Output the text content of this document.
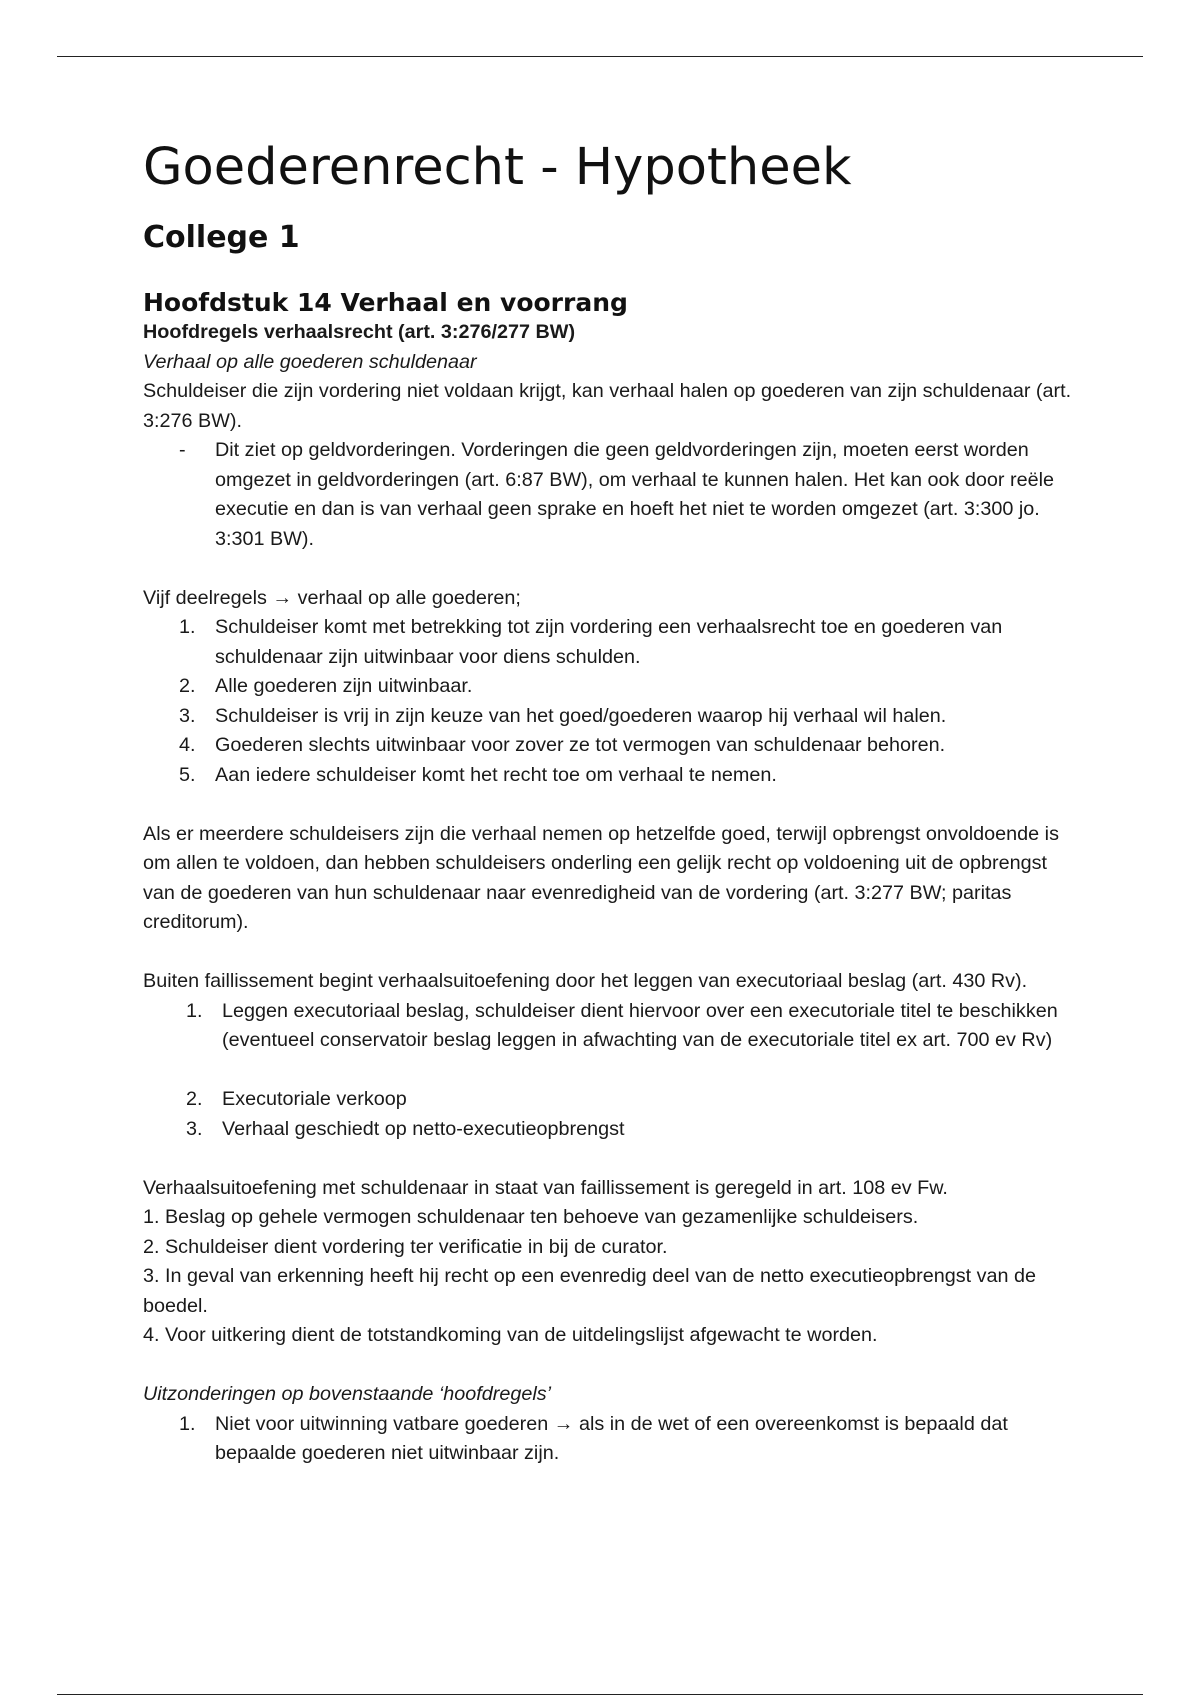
Goederenrecht - Hypotheek
College 1
Hoofdstuk 14 Verhaal en voorrang

Hoofdregels verhaalsrecht (art. 3:276/277 BW)

Verhaal op alle goederen schuldenaar

Schuldeiser die zijn vordering niet voldaan krijgt, kan verhaal halen op goederen van zijn schuldenaar (art. 3:276 BW).

- Dit ziet op geldvorderingen. Vorderingen die geen geldvorderingen zijn, moeten eerst worden omgezet in geldvorderingen (art. 6:87 BW), om verhaal te kunnen halen. Het kan ook door reële executie en dan is van verhaal geen sprake en hoeft het niet te worden omgezet (art. 3:300 jo. 3:301 BW).

Vijf deelregels → verhaal op alle goederen;

1. Schuldeiser komt met betrekking tot zijn vordering een verhaalsrecht toe en goederen van schuldenaar zijn uitwinbaar voor diens schulden.
2. Alle goederen zijn uitwinbaar.
3. Schuldeiser is vrij in zijn keuze van het goed/goederen waarop hij verhaal wil halen.
4. Goederen slechts uitwinbaar voor zover ze tot vermogen van schuldenaar behoren.
5. Aan iedere schuldeiser komt het recht toe om verhaal te nemen.

Als er meerdere schuldeisers zijn die verhaal nemen op hetzelfde goed, terwijl opbrengst onvoldoende is om allen te voldoen, dan hebben schuldeisers onderling een gelijk recht op voldoening uit de opbrengst van de goederen van hun schuldenaar naar evenredigheid van de vordering (art. 3:277 BW; paritas creditorum).

Buiten faillissement begint verhaalsuitoefening door het leggen van executoriaal beslag (art. 430 Rv).

1. Leggen executoriaal beslag, schuldeiser dient hiervoor over een executoriale titel te beschikken (eventueel conservatoir beslag leggen in afwachting van de executoriale titel ex art. 700 ev Rv)
2. Executoriale verkoop
3. Verhaal geschiedt op netto-executieopbrengst

Verhaalsuitoefening met schuldenaar in staat van faillissement is geregeld in art. 108 ev Fw.

1. Beslag op gehele vermogen schuldenaar ten behoeve van gezamenlijke schuldeisers.

2. Schuldeiser dient vordering ter verificatie in bij de curator.

3. In geval van erkenning heeft hij recht op een evenredig deel van de netto executieopbrengst van de boedel.

4. Voor uitkering dient de totstandkoming van de uitdelingslijst afgewacht te worden.

Uitzonderingen op bovenstaande ‘hoofdregels’

1. Niet voor uitwinning vatbare goederen → als in de wet of een overeenkomst is bepaald dat bepaalde goederen niet uitwinbaar zijn.
